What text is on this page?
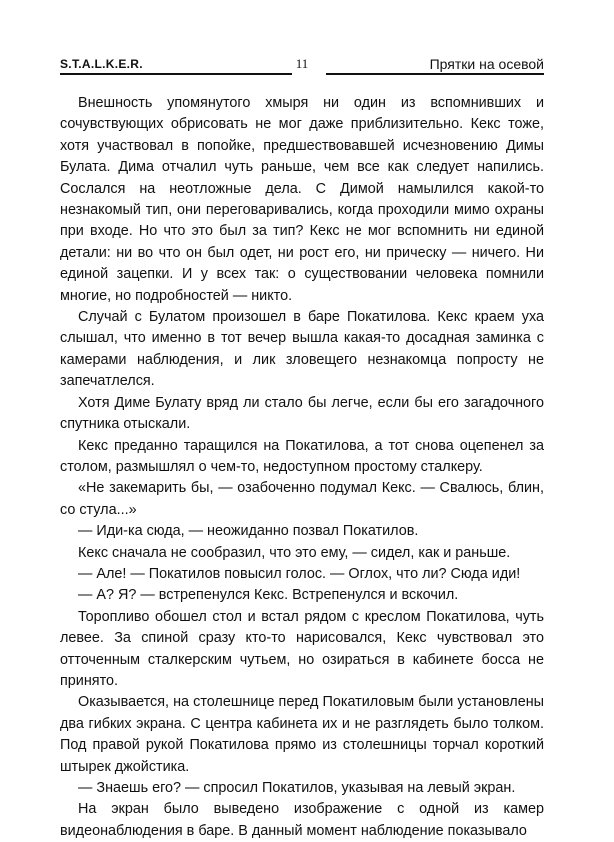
S.T.A.L.K.E.R.	11	Прятки на осевой

Внешность упомянутого хмыря ни один из вспомнивших и сочувствующих обрисовать не мог даже приблизительно. Кекс тоже, хотя участвовал в попойке, предшествовавшей исчезновению Димы Булата. Дима отчалил чуть раньше, чем все как следует напились. Сослался на неотложные дела. С Димой намылился какой-то незнакомый тип, они переговаривались, когда проходили мимо охраны при входе. Но что это был за тип? Кекс не мог вспомнить ни единой детали: ни во что он был одет, ни рост его, ни прическу — ничего. Ни единой зацепки. И у всех так: о существовании человека помнили многие, но подробностей — никто.

Случай с Булатом произошел в баре Покатилова. Кекс краем уха слышал, что именно в тот вечер вышла какая-то досадная заминка с камерами наблюдения, и лик зловещего незнакомца попросту не запечатлелся.

Хотя Диме Булату вряд ли стало бы легче, если бы его загадочного спутника отыскали.

Кекс преданно таращился на Покатилова, а тот снова оцепенел за столом, размышлял о чем-то, недоступном простому сталкеру.

«Не закемарить бы, — озабоченно подумал Кекс. — Свалюсь, блин, со стула...»

— Иди-ка сюда, — неожиданно позвал Покатилов.

Кекс сначала не сообразил, что это ему, — сидел, как и раньше.

— Але! — Покатилов повысил голос. — Оглох, что ли? Сюда иди!

— А? Я? — встрепенулся Кекс. Встрепенулся и вскочил.

Торопливо обошел стол и встал рядом с креслом Покатилова, чуть левее. За спиной сразу кто-то нарисовался, Кекс чувствовал это отточенным сталкерским чутьем, но озираться в кабинете босса не принято.

Оказывается, на столешнице перед Покатиловым были установлены два гибких экрана. С центра кабинета их и не разглядеть было толком. Под правой рукой Покатилова прямо из столешницы торчал короткий штырек джойстика.

— Знаешь его? — спросил Покатилов, указывая на левый экран.

На экран было выведено изображение с одной из камер видеонаблюдения в баре. В данный момент наблюдение показывало
